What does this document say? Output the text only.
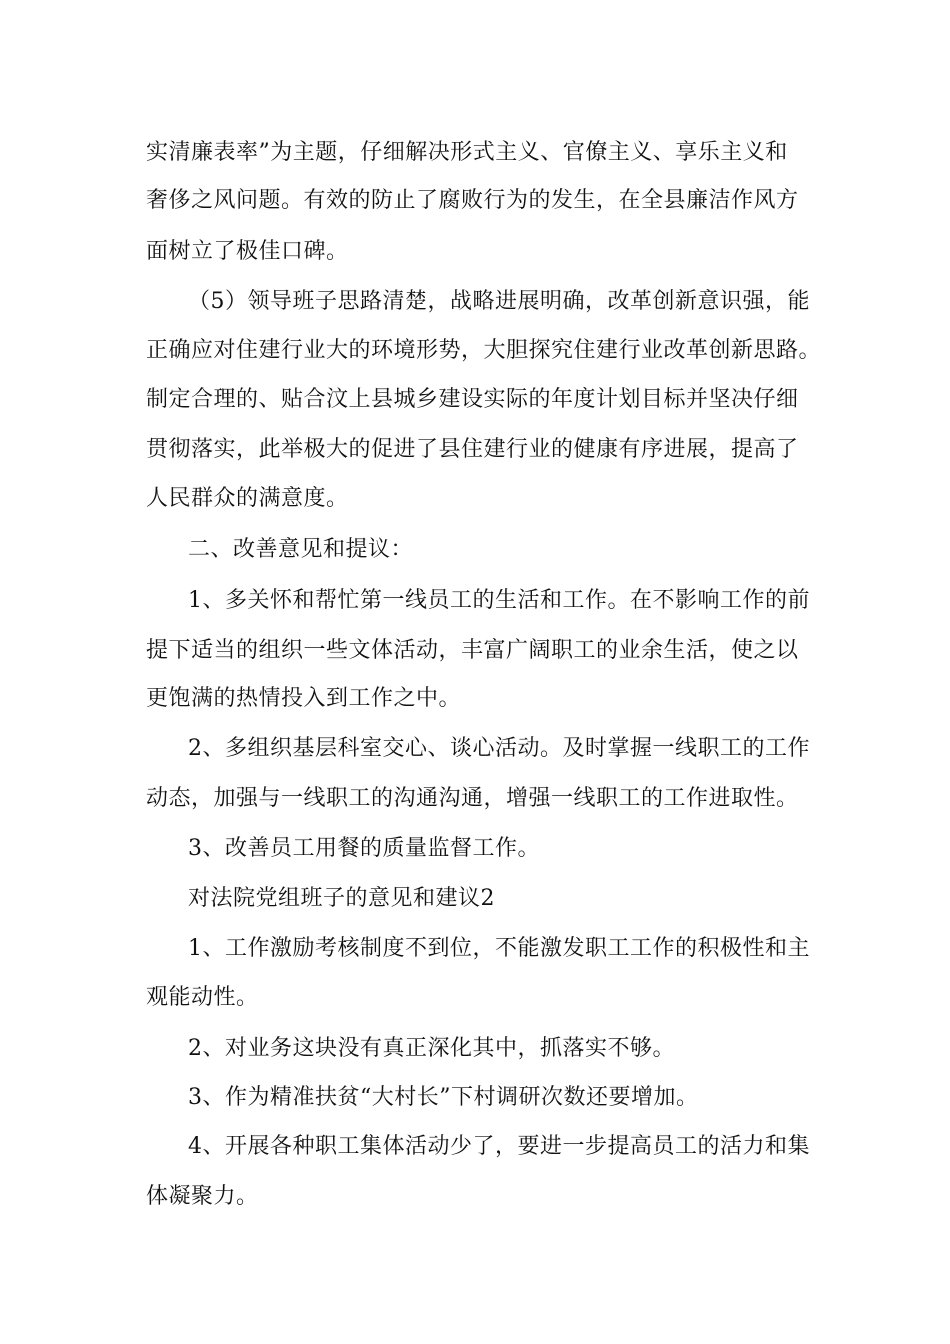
实清廉表率”为主题，仔细解决形式主义、官僚主义、享乐主义和
奢侈之风问题。有效的防止了腐败行为的发生，在全县廉洁作风方
面树立了极佳口碑。
（5）领导班子思路清楚，战略进展明确，改革创新意识强，能
正确应对住建行业大的环境形势，大胆探究住建行业改革创新思路。
制定合理的、贴合汶上县城乡建设实际的年度计划目标并坚决仔细
贯彻落实，此举极大的促进了县住建行业的健康有序进展，提高了
人民群众的满意度。
二、改善意见和提议：
1、多关怀和帮忙第一线员工的生活和工作。在不影响工作的前
提下适当的组织一些文体活动，丰富广阔职工的业余生活，使之以
更饱满的热情投入到工作之中。
2、多组织基层科室交心、谈心活动。及时掌握一线职工的工作
动态，加强与一线职工的沟通沟通，增强一线职工的工作进取性。
3、改善员工用餐的质量监督工作。
对法院党组班子的意见和建议2
1、工作激励考核制度不到位，不能激发职工工作的积极性和主
观能动性。
2、对业务这块没有真正深化其中，抓落实不够。
3、作为精准扶贫“大村长”下村调研次数还要增加。
4、开展各种职工集体活动少了，要进一步提高员工的活力和集
体凝聚力。
